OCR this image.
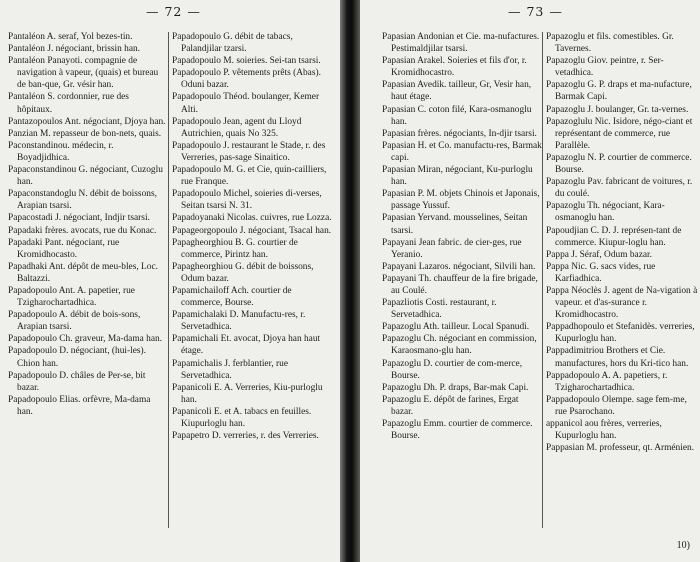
— 72 —

Pantaléon A. seraf, Yol bezes-tin.

Pantaléon J. négociant, brissin han.

Pantaléon Panayoti. compagnie de navigation à vapeur, (quais) et bureau de ban-que, Gr. vésir han.

Pantaléon S. cordonnier, rue des hôpitaux.

Pantazopoulos Ant. négociant, Djoya han.

Panzian M. repasseur de bon-nets, quais.

Paconstandinou. médecin, r. Boyadjidhica.

Papaconstandinou G. négociant, Cuzoglu han.

Papaconstandoglu N. débit de boissons, Arapian tsarsi.

Papacostadi J. négociant, Indjir tsarsi.

Papadaki frères. avocats, rue du Konac.

Papadaki Pant. négociant, rue Kromidhocasto.

Papadhaki Ant. dépôt de meu-bles, Loc. Baltazzi.

Papadopoulo Ant. A. papetier, rue Tzigharochartadhica.

Papadopoulo A. débit de bois-sons, Arapian tsarsi.

Papadopoulo Ch. graveur, Ma-dama han.

Papadopoulo D. négociant, (hui-les). Chion han.

Papadopoulo D. châles de Per-se, bit bazar.

Papadopoulo Elias. orfèvre, Ma-dama han.

Papadopoulo G. débit de tabacs, Palandjilar tzarsi.

Papadopoulo M. soieries. Sei-tan tsarsi.

Papadopoulo P. vêtements prêts (Abas). Oduni bazar.

Papadopoulo Théod. boulanger, Kemer Alti.

Papadopoulo Jean, agent du Lloyd Autrichien, quais No 325.

Papadopoulo J. restaurant le Stade, r. des Verreries, pas-sage Sinaitico.

Papadopoulo M. G. et Cie, quin-cailliers, rue Franque.

Papadopoulo Michel, soieries di-verses, Seitan tsarsi N. 31.

Papadoyanaki Nicolas. cuivres, rue Lozza.

Papageorgopoulo J. négociant, Tsacal han.

Papagheorghiou B. G. courtier de commerce, Pirintz han.

Papagheorghiou G. débit de boissons, Odum bazar.

Papamichailoff Ach. courtier de commerce, Bourse.

Papamichalaki D. Manufactu-res, r. Servetadhica.

Papamichali Et. avocat, Djoya han haut étage.

Papamichalis J. ferblantier, rue Servetadhica.

Papanicoli E. A. Verreries, Kiu-purloglu han.

Papanicoli E. et A. tabacs en feuilles. Kiupurloglu han.

Papapetro D. verreries, r. des Verreries.

— 73 —

Papasian Andonian et Cie. ma-nufactures. Pestimaldjilar tsarsi.

Papasian Arakel. Soieries et fils d'or, r. Kromidhocastro.

Papasian Avedik. tailleur, Gr, Vesir han, haut étage.

Papasian C. coton filé, Kara-osmanoglu han.

Papasian frères. négociants, In-djir tsarsi.

Papasian H. et Co. manufactu-res, Barmak capi.

Papasian Miran, négociant, Ku-purloglu han.

Papasian P. M. objets Chinois et Japonais, passage Yussuf.

Papasian Yervand. mousselines, Seitan tsarsi.

Papayani Jean fabric. de cier-ges, rue Yeranio.

Papayani Lazaros. négociant, Silvili han.

Papayani Th. chauffeur de la fire brigade, au Coulé.

Papazliotis Costi. restaurant, r. Servetadhica.

Papazoglu Ath. tailleur. Local Spanudi.

Papazoglu Ch. négociant en commission, Karaosmano-glu han.

Papazoglu D. courtier de com-merce, Bourse.

Papazoglu Dh. P. draps, Bar-mak Capi.

Papazoglu E. dépôt de farines, Ergat bazar.

Papazoglu Emm. courtier de commerce. Bourse.

Papazoglu et fils. comestibles. Gr. Tavernes.

Papazoglu Giov. peintre, r. Ser-vetadhica.

Papazoglu G. P. draps et ma-nufacture, Barmak Capi.

Papazoglu J. boulanger, Gr. ta-vernes.

Papazoglulu Nic. Isidore, négo-ciant et représentant de commerce, rue Parallèle.

Papazoglu N. P. courtier de commerce. Bourse.

Papazoglu Pav. fabricant de voitures, r. du coulé.

Papazoglu Th. négociant, Kara-osmanoglu han.

Papoudjian C. D. J. représen-tant de commerce. Kiupur-loglu han.

Pappa J. Séraf, Odum bazar.

Pappa Nic. G. sacs vides, rue Karfiadhica.

Pappa Néoclès J. agent de Na-vigation à vapeur. et d'as-surance r. Kromidhocastro.

Pappadhopoulo et Stefanidès. verreries, Kupurloglu han.

Pappadimitriou Brothers et Cie. manufactures, hors du Kri-tico han.

Pappadopoulo A. A. papetiers, r. Tzigharochartadhica.

Pappadopoulo Olempe. sage fem-me, rue Psarochano.

appanicol aou frères, verreries, Kupurloglu han.

Pappasian M. professeur, qt. Arménien.

10)
